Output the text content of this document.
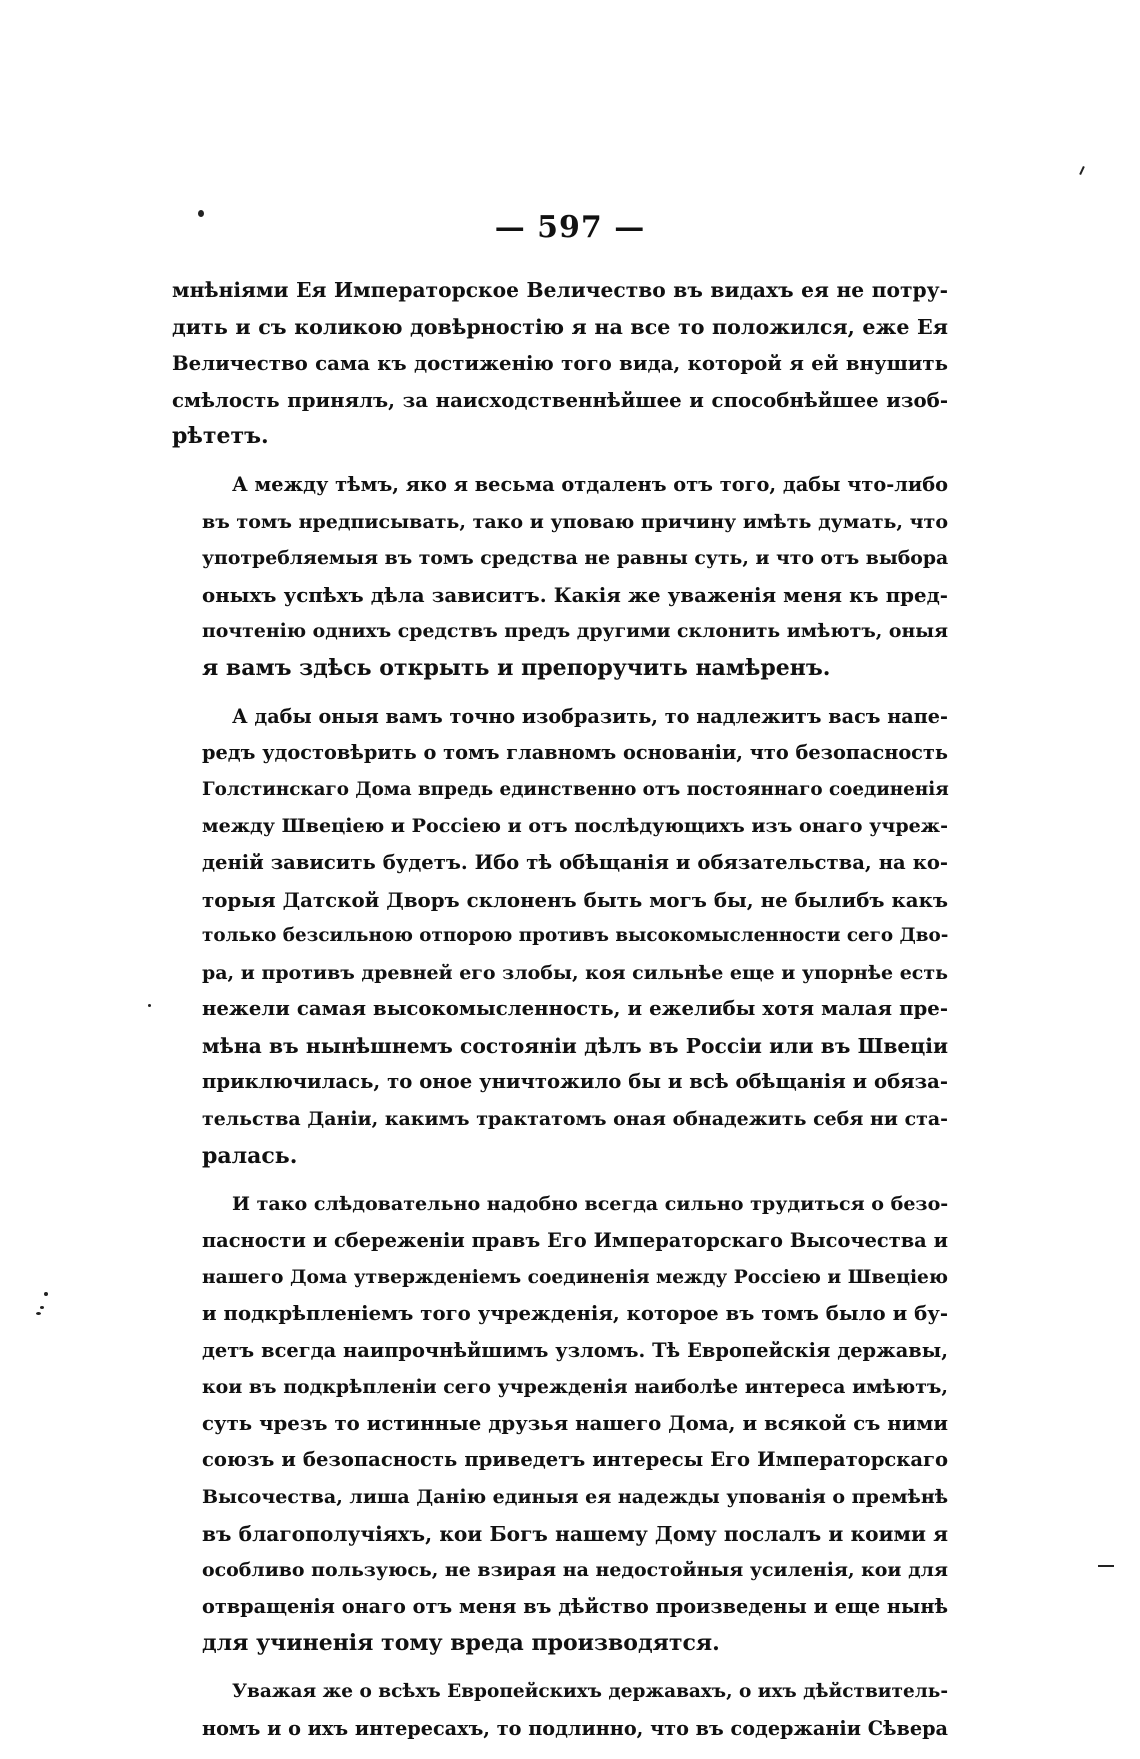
— 597 —

мнѣніями Ея Императорское Величество въ видахъ ея не потру-
дить и съ коликою довѣрностію я на все то положился, еже Ея
Величество сама къ достиженію того вида, которой я ей внушить
смѣлость принялъ, за наисходственнѣйшее и способнѣйшее изоб-
рѣтетъ.

А между тѣмъ, яко я весьма отдаленъ отъ того, дабы что-либо
въ томъ нредписывать, тако и уповаю причину имѣть думать, что
употребляемыя въ томъ средства не равны суть, и что отъ выбора
оныхъ успѣхъ дѣла зависитъ. Какія же уваженія меня къ пред-
почтенію однихъ средствъ предъ другими склонить имѣютъ, оныя
я вамъ здѣсь открыть и препоручить намѣренъ.

А дабы оныя вамъ точно изобразить, то надлежитъ васъ напе-
редъ удостовѣрить о томъ главномъ основаніи, что безопасность
Голстинскаго Дома впредь единственно отъ постояннаго соединенія
между Швеціею и Россіею и отъ послѣдующихъ изъ онаго учреж-
деній зависить будетъ. Ибо тѣ обѣщанія и обязательства, на ко-
торыя Датской Дворъ склоненъ быть могъ бы, не былибъ какъ
только безсильною отпорою противъ высокомысленности сего Дво-
ра, и противъ древней его злобы, коя сильнѣе еще и упорнѣе есть
нежели самая высокомысленность, и ежелибы хотя малая пре-
мѣна въ нынѣшнемъ состояніи дѣлъ въ Россіи или въ Швеціи
приключилась, то оное уничтожило бы и всѣ обѣщанія и обяза-
тельства Даніи, какимъ трактатомъ оная обнадежить себя ни ста-
ралась.

И тако слѣдовательно надобно всегда сильно трудиться о безо-
пасности и сбереженіи правъ Его Императорскаго Высочества и
нашего Дома утвержденіемъ соединенія между Россіею и Швеціею
и подкрѣпленіемъ того учрежденія, которое въ томъ было и бу-
детъ всегда наипрочнѣйшимъ узломъ. Тѣ Европейскія державы,
кои въ подкрѣпленіи сего учрежденія наиболѣе интереса имѣютъ,
суть чрезъ то истинные друзья нашего Дома, и всякой съ ними
союзъ и безопасность приведетъ интересы Его Императорскаго
Высочества, лиша Данію единыя ея надежды упованія о премѣнѣ
въ благополучіяхъ, кои Богъ нашему Дому послалъ и коими я
особливо пользуюсь, не взирая на недостойныя усиленія, кои для
отвращенія онаго отъ меня въ дѣйство произведены и еще нынѣ
для учиненія тому вреда производятся.

Уважая же о всѣхъ Европейскихъ державахъ, о ихъ дѣйствитель-
номъ и о ихъ интересахъ, то подлинно, что въ содержаніи Сѣвера
